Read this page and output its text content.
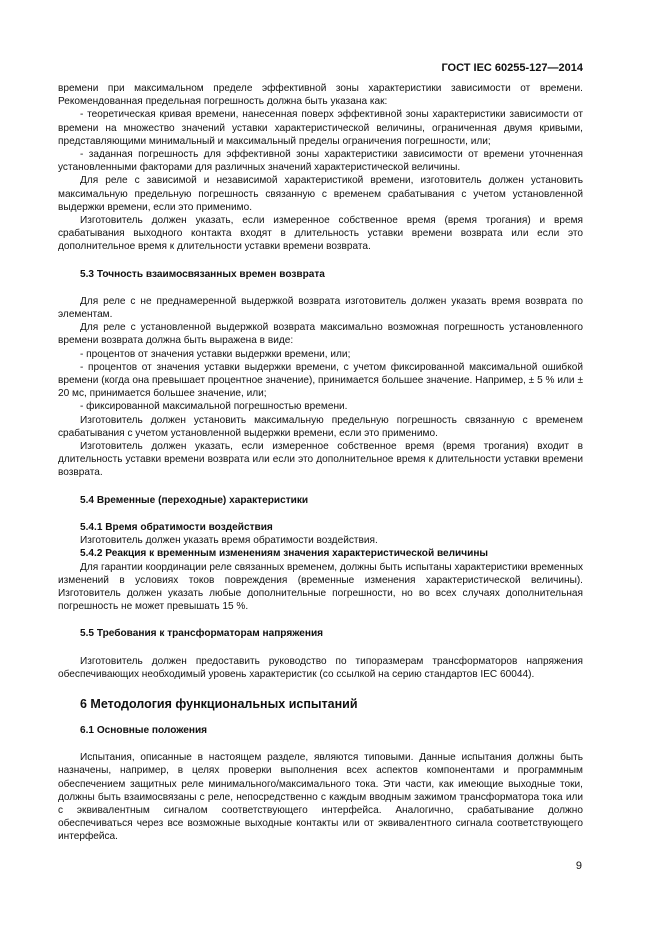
ГОСТ IEC 60255-127—2014

времени при максимальном пределе эффективной зоны характеристики зависимости от времени. Рекомендованная предельная погрешность должна быть указана как:

- теоретическая кривая времени, нанесенная поверх эффективной зоны характеристики зависимости от времени на множество значений уставки характеристической величины, ограниченная двумя кривыми, представляющими минимальный и максимальный пределы ограничения погрешности, или;

- заданная погрешность для эффективной зоны характеристики зависимости от времени уточненная установленными факторами для различных значений характеристической величины.

Для реле с зависимой и независимой характеристикой времени, изготовитель должен установить максимальную предельную погрешность связанную с временем срабатывания с учетом установленной выдержки времени, если это применимо.

Изготовитель должен указать, если измеренное собственное время (время трогания) и время срабатывания выходного контакта входят в длительность уставки времени возврата или если это дополнительное время к длительности уставки времени возврата.

5.3 Точность взаимосвязанных времен возврата

Для реле с не преднамеренной выдержкой возврата изготовитель должен указать время возврата по элементам.

Для реле с установленной выдержкой возврата максимально возможная погрешность установленного времени возврата должна быть выражена в виде:

- процентов от значения уставки выдержки времени, или;

- процентов от значения уставки выдержки времени, с учетом фиксированной максимальной ошибкой времени (когда она превышает процентное значение), принимается большее значение. Например, ± 5 % или ± 20 мс, принимается большее значение, или;

- фиксированной максимальной погрешностью времени.

Изготовитель должен установить максимальную предельную погрешность связанную с временем срабатывания с учетом установленной выдержки времени, если это применимо.

Изготовитель должен указать, если измеренное собственное время (время трогания) входит в длительность уставки времени возврата или если это дополнительное время к длительности уставки времени возврата.

5.4 Временные (переходные) характеристики
5.4.1 Время обратимости воздействия

Изготовитель должен указать время обратимости воздействия.

5.4.2 Реакция к временным изменениям значения характеристической величины

Для гарантии координации реле связанных временем, должны быть испытаны характеристики временных изменений в условиях токов повреждения (временные изменения характеристической величины). Изготовитель должен указать любые дополнительные погрешности, но во всех случаях дополнительная погрешность не может превышать 15 %.

5.5 Требования к трансформаторам напряжения

Изготовитель должен предоставить руководство по типоразмерам трансформаторов напряжения обеспечивающих необходимый уровень характеристик (со ссылкой на серию стандартов IEC 60044).

6 Методология функциональных испытаний
6.1 Основные положения

Испытания, описанные в настоящем разделе, являются типовыми. Данные испытания должны быть назначены, например, в целях проверки выполнения всех аспектов компонентами и программным обеспечением защитных реле минимального/максимального тока. Эти части, как имеющие выходные токи, должны быть взаимосвязаны с реле, непосредственно с каждым вводным зажимом трансформатора тока или с эквивалентным сигналом соответствующего интерфейса. Аналогично, срабатывание должно обеспечиваться через все возможные выходные контакты или от эквивалентного сигнала соответствующего интерфейса.

9
